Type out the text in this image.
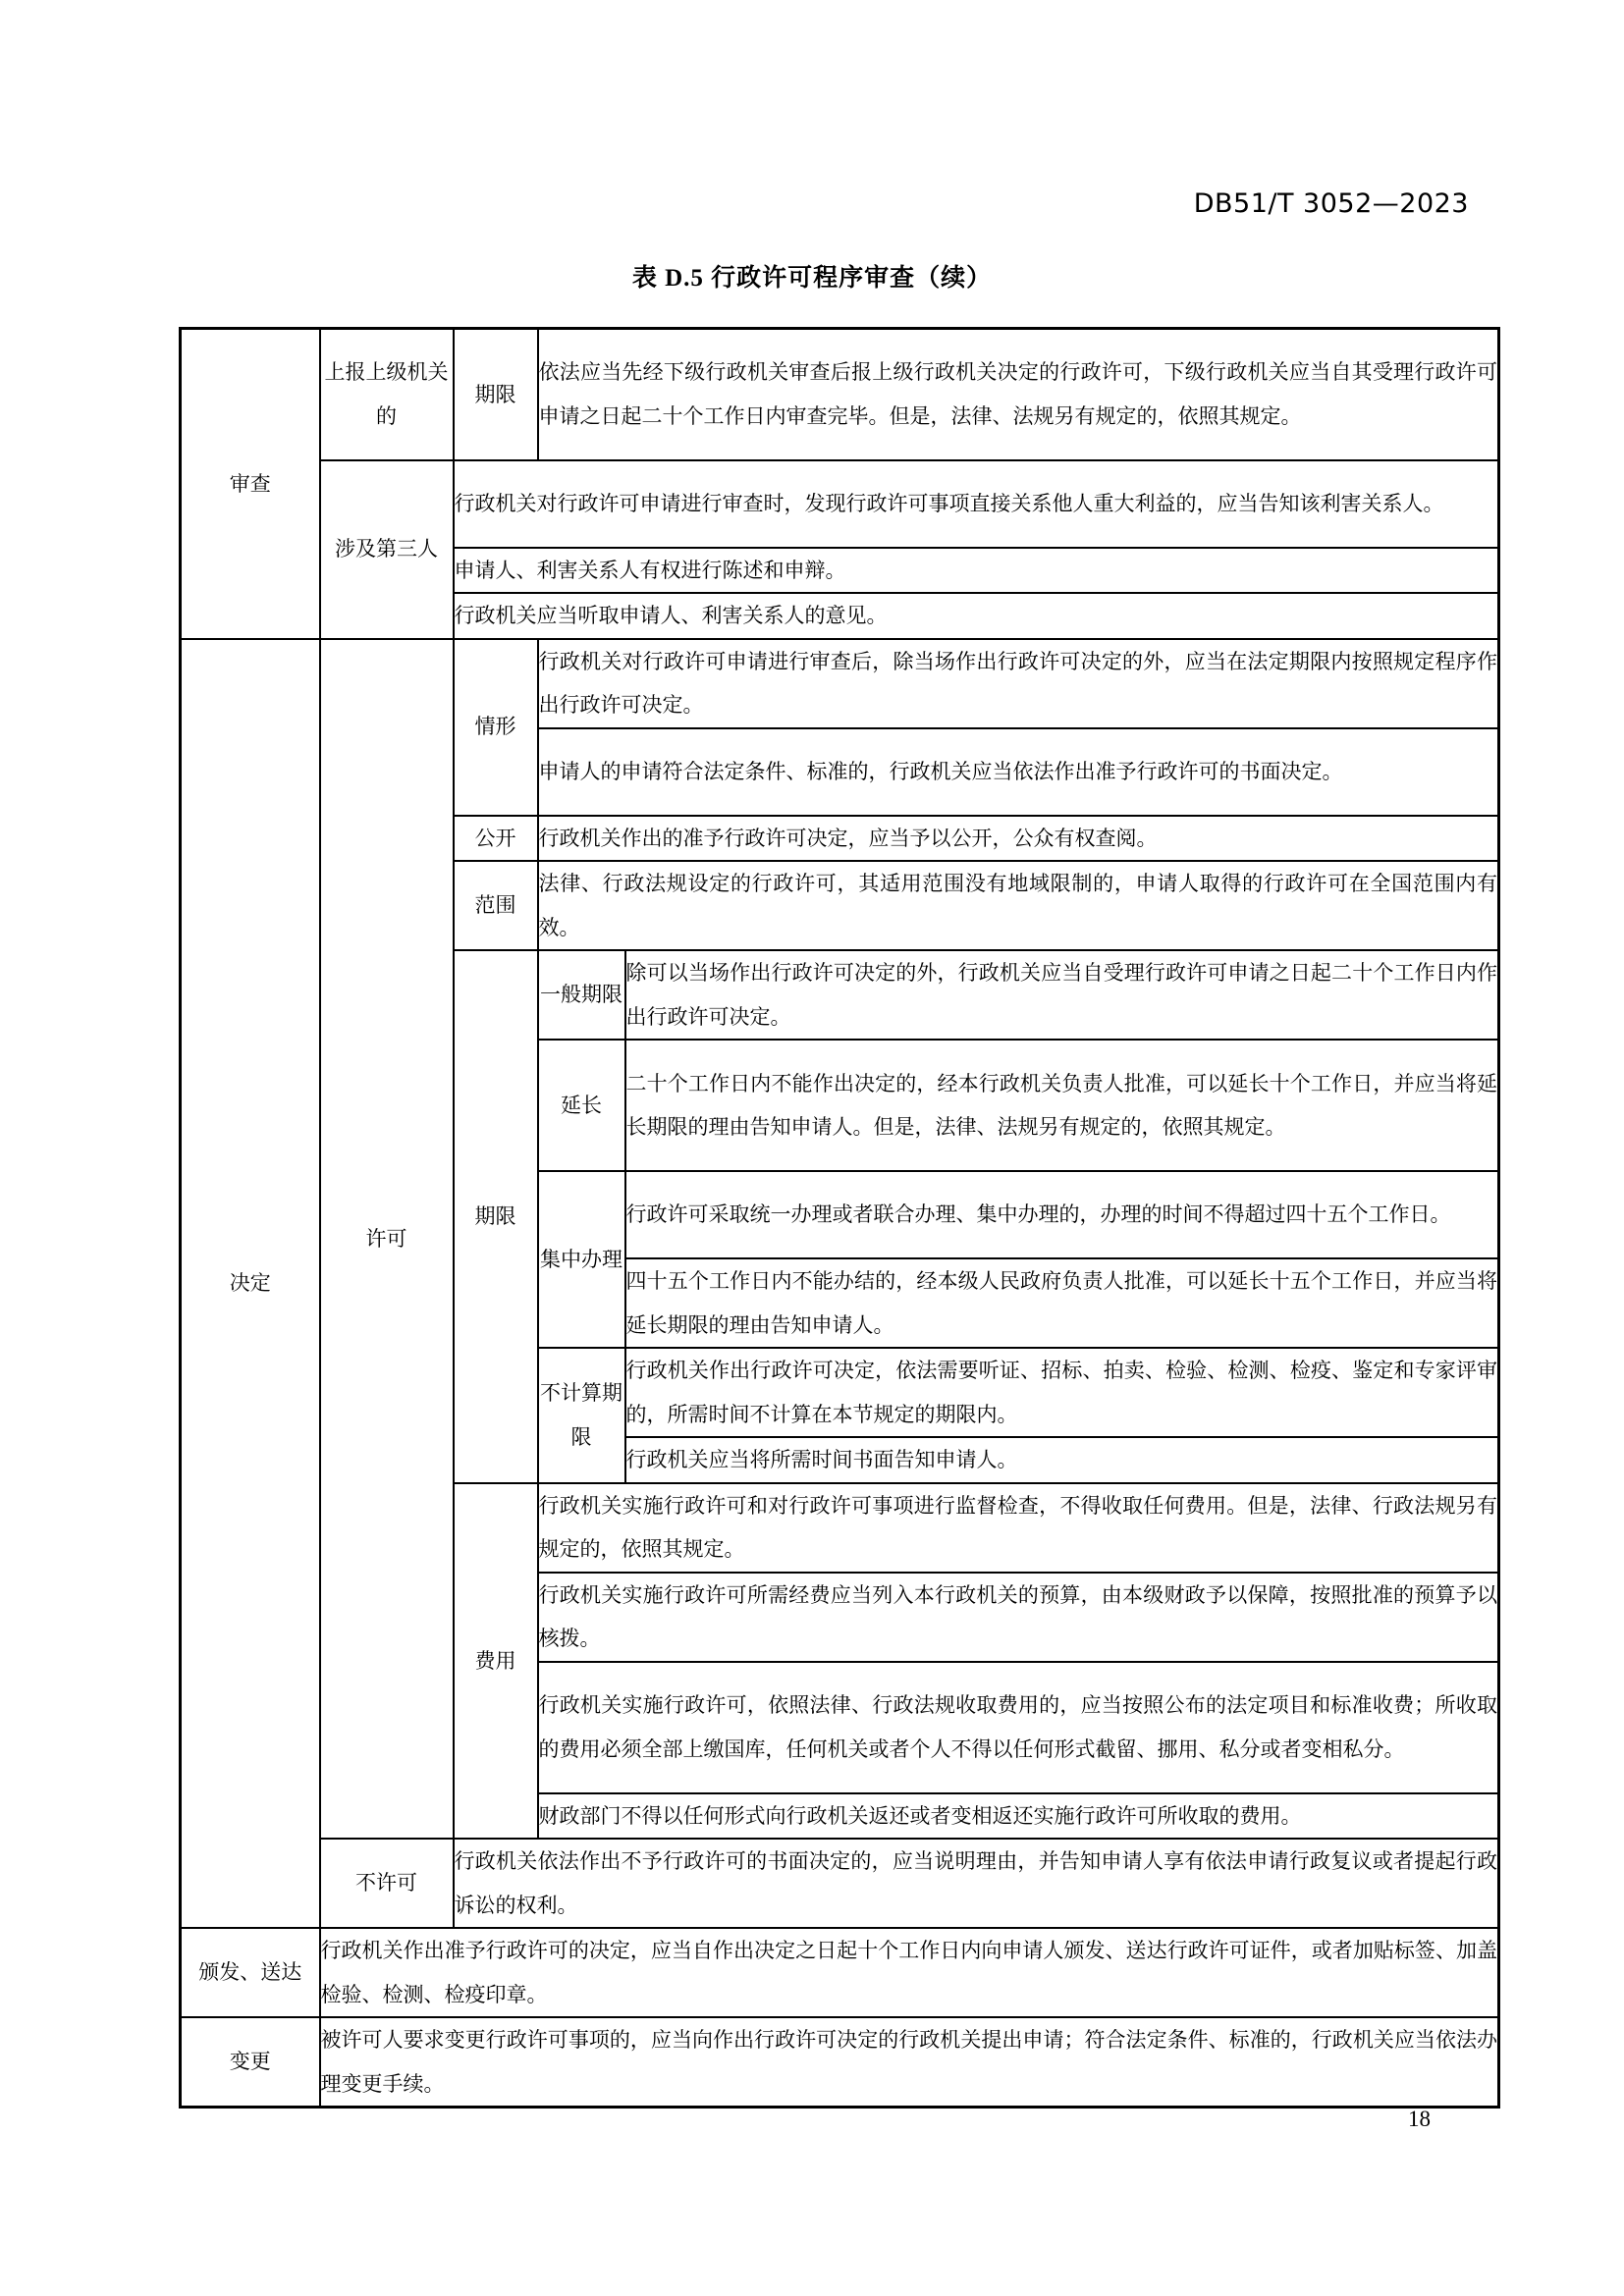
DB51/T 3052—2023
表 D.5 行政许可程序审查（续）
审查	上报上级机关的	期限	依法应当先经下级行政机关审查后报上级行政机关决定的行政许可，下级行政机关应当自其受理行政许可申请之日起二十个工作日内审查完毕。但是，法律、法规另有规定的，依照其规定。	
	涉及第三人	行政机关对行政许可申请进行审查时，发现行政许可事项直接关系他人重大利益的，应当告知该利害关系人。		
		申请人、利害关系人有权进行陈述和申辩。		
		行政机关应当听取申请人、利害关系人的意见。		
决定	许可	情形	行政机关对行政许可申请进行审查后，除当场作出行政许可决定的外，应当在法定期限内按照规定程序作出行政许可决定。	
			申请人的申请符合法定条件、标准的，行政机关应当依法作出准予行政许可的书面决定。	
		公开	行政机关作出的准予行政许可决定，应当予以公开，公众有权查阅。	
		范围	法律、行政法规设定的行政许可，其适用范围没有地域限制的，申请人取得的行政许可在全国范围内有效。	
		期限	一般期限	除可以当场作出行政许可决定的外，行政机关应当自受理行政许可申请之日起二十个工作日内作出行政许可决定。
			延长	二十个工作日内不能作出决定的，经本行政机关负责人批准，可以延长十个工作日，并应当将延长期限的理由告知申请人。但是，法律、法规另有规定的，依照其规定。
			集中办理	行政许可采取统一办理或者联合办理、集中办理的，办理的时间不得超过四十五个工作日。
				四十五个工作日内不能办结的，经本级人民政府负责人批准，可以延长十五个工作日，并应当将延长期限的理由告知申请人。
			不计算期限	行政机关作出行政许可决定，依法需要听证、招标、拍卖、检验、检测、检疫、鉴定和专家评审的，所需时间不计算在本节规定的期限内。
				行政机关应当将所需时间书面告知申请人。
		费用	行政机关实施行政许可和对行政许可事项进行监督检查，不得收取任何费用。但是，法律、行政法规另有规定的，依照其规定。	
			行政机关实施行政许可所需经费应当列入本行政机关的预算，由本级财政予以保障，按照批准的预算予以核拨。	
			行政机关实施行政许可，依照法律、行政法规收取费用的，应当按照公布的法定项目和标准收费；所收取的费用必须全部上缴国库，任何机关或者个人不得以任何形式截留、挪用、私分或者变相私分。	
			财政部门不得以任何形式向行政机关返还或者变相返还实施行政许可所收取的费用。	
	不许可	行政机关依法作出不予行政许可的书面决定的，应当说明理由，并告知申请人享有依法申请行政复议或者提起行政诉讼的权利。		
颁发、送达	行政机关作出准予行政许可的决定，应当自作出决定之日起十个工作日内向申请人颁发、送达行政许可证件，或者加贴标签、加盖检验、检测、检疫印章。			
变更	被许可人要求变更行政许可事项的，应当向作出行政许可决定的行政机关提出申请；符合法定条件、标准的，行政机关应当依法办理变更手续。			
18
